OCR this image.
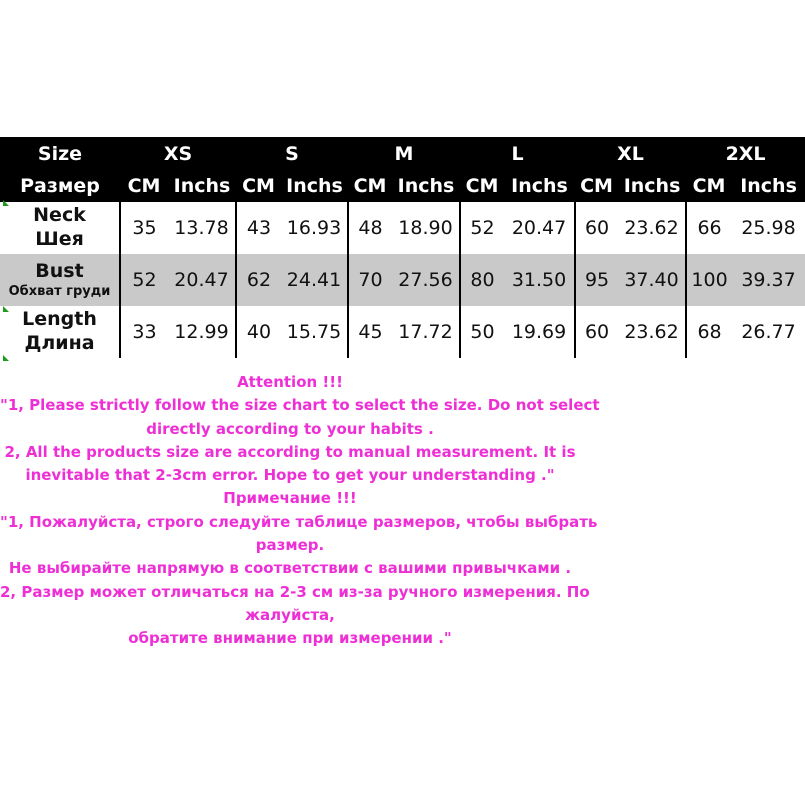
Size	XS		S		M		L		XL		2XL	
Размер	CM	Inchs	CM	Inchs	CM	Inchs	CM	Inchs	CM	Inchs	CM	Inchs

Neck
Шея	35	13.78	43	16.93	48	18.90	52	20.47	60	23.62	66	25.98

Bust
Обхват груди	52	20.47	62	24.41	70	27.56	80	31.50	95	37.40	100	39.37

Length
Длина	33	12.99	40	15.75	45	17.72	50	19.69	60	23.62	68	26.77
Attention !!!
"1, Please strictly follow the size chart to select the size. Do not select
directly according to your habits .
2, All the products size are according to manual measurement. It is
inevitable that 2-3cm error. Hope to get your understanding ."
Примечание !!!
"1, Пожалуйста, строго следуйте таблице размеров, чтобы выбрать
размер.
Не выбирайте напрямую в соответствии с вашими привычками .
2, Размер может отличаться на 2-3 см из-за ручного измерения. По
жалуйста,
обратите внимание при измерении ."
